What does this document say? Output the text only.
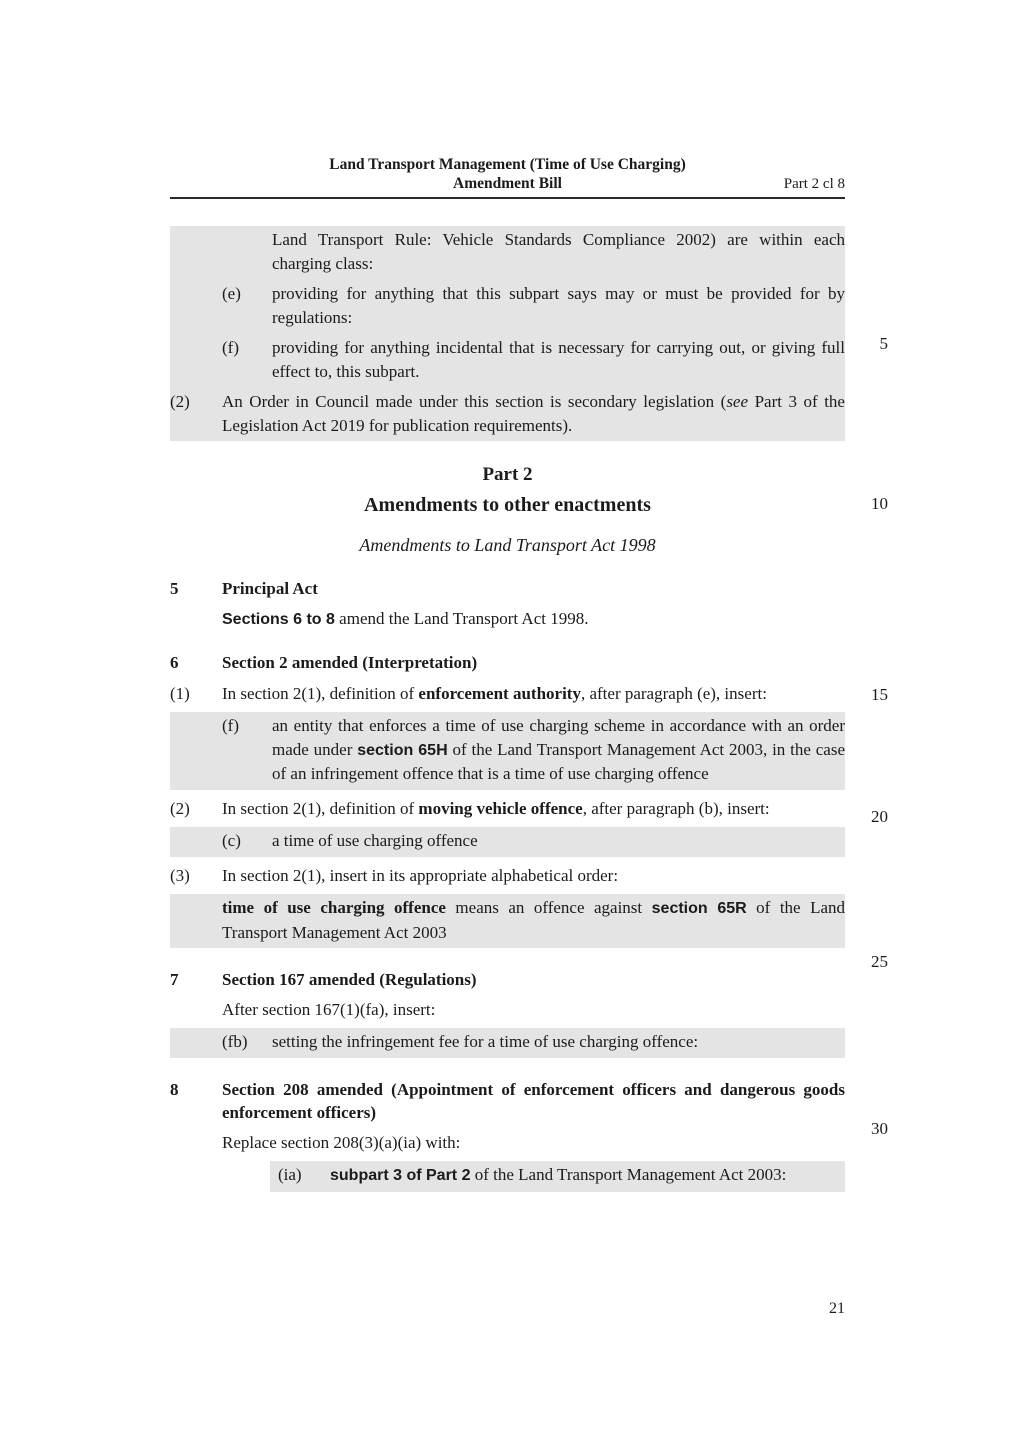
Land Transport Management (Time of Use Charging)
Amendment Bill	Part 2 cl 8
Land Transport Rule: Vehicle Standards Compliance 2002) are within each charging class:
(e) providing for anything that this subpart says may or must be provided for by regulations:
(f) providing for anything incidental that is necessary for carrying out, or giving full effect to, this subpart.
(2) An Order in Council made under this section is secondary legislation (see Part 3 of the Legislation Act 2019 for publication requirements).
Part 2
Amendments to other enactments
Amendments to Land Transport Act 1998
5	Principal Act
Sections 6 to 8 amend the Land Transport Act 1998.
6	Section 2 amended (Interpretation)
(1) In section 2(1), definition of enforcement authority, after paragraph (e), insert:
(f) an entity that enforces a time of use charging scheme in accordance with an order made under section 65H of the Land Transport Management Act 2003, in the case of an infringement offence that is a time of use charging offence
(2) In section 2(1), definition of moving vehicle offence, after paragraph (b), insert:
(c) a time of use charging offence
(3) In section 2(1), insert in its appropriate alphabetical order:
time of use charging offence means an offence against section 65R of the Land Transport Management Act 2003
7	Section 167 amended (Regulations)
After section 167(1)(fa), insert:
(fb) setting the infringement fee for a time of use charging offence:
8	Section 208 amended (Appointment of enforcement officers and dangerous goods enforcement officers)
Replace section 208(3)(a)(ia) with:
(ia) subpart 3 of Part 2 of the Land Transport Management Act 2003:
5
10
15
20
25
30
21
